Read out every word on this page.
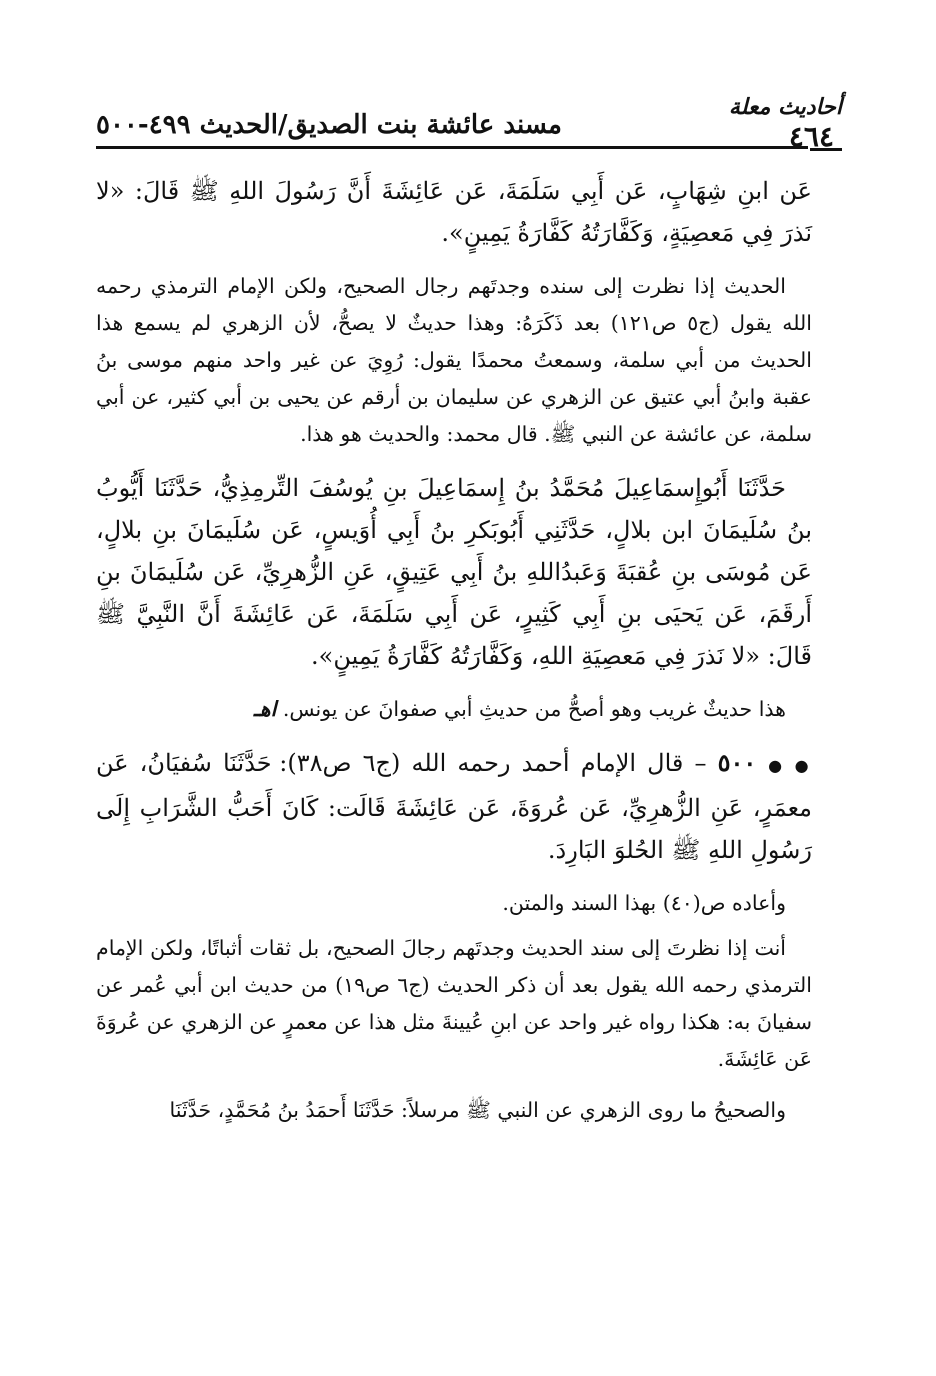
أحاديث معلة
٤٦٤
مسند عائشة بنت الصديق/الحديث ٤٩٩-٥٠٠

عَن ابنِ شِهَابٍ، عَن أَبِي سَلَمَةَ، عَن عَائِشَةَ أَنَّ رَسُولَ اللهِ ﷺ قَالَ: «لا نَذرَ فِي مَعصِيَةٍ، وَكَفَّارَتُهُ كَفَّارَةُ يَمِينٍ».

الحديث إذا نظرت إلى سنده وجدتَهم رجال الصحيح، ولكن الإمام الترمذي رحمه الله يقول (ج٥ ص١٢١) بعد ذَكَرَهُ: وهذا حديثٌ لا يصحُّ، لأن الزهري لم يسمع هذا الحديث من أبي سلمة، وسمعتُ محمدًا يقول: رُوِيَ عن غير واحد منهم موسى بنُ عقبة وابنُ أبي عتيق عن الزهري عن سليمان بن أرقم عن يحيى بن أبي كثير، عن أبي سلمة، عن عائشة عن النبي ﷺ. قال محمد: والحديث هو هذا.

حَدَّثَنَا أَبُوإِسمَاعِيلَ مُحَمَّدُ بنُ إِسمَاعِيلَ بنِ يُوسُفَ التِّرمِذِيُّ، حَدَّثَنَا أَيُّوبُ بنُ سُلَيمَانَ ابن بلالٍ، حَدَّثَنِي أَبُوبَكرِ بنُ أَبِي أُوَيسٍ، عَن سُلَيمَانَ بنِ بلالٍ، عَن مُوسَى بنِ عُقبَةَ وَعَبدُاللهِ بنُ أَبِي عَتِيقٍ، عَنِ الزُّهرِيِّ، عَن سُلَيمَانَ بنِ أَرقَمَ، عَن يَحيَى بنِ أَبِي كَثِيرٍ، عَن أَبِي سَلَمَةَ، عَن عَائِشَةَ أَنَّ النَّبِيَّ ﷺ قَالَ: «لا نَذرَ فِي مَعصِيَةِ اللهِ، وَكَفَّارَتُهُ كَفَّارَةُ يَمِينٍ».

هذا حديثٌ غريب وهو أصحُّ من حديثِ أبي صفوانَ عن يونس. اهـ

● ● ٥٠٠ – قال الإمام أحمد رحمه الله (ج٦ ص٣٨): حَدَّثَنَا سُفيَانُ، عَن معمَرٍ، عَنِ الزُّهرِيِّ، عَن عُروَةَ، عَن عَائِشَةَ قَالَت: كَانَ أَحَبُّ الشَّرَابِ إِلَى رَسُولِ اللهِ ﷺ الحُلوَ البَارِدَ.

وأعاده ص(٤٠) بهذا السند والمتن.

أنت إذا نظرتَ إلى سند الحديث وجدتَهم رجالَ الصحيح، بل ثقات أثباتًا، ولكن الإمام الترمذي رحمه الله يقول بعد أن ذكر الحديث (ج٦ ص١٩) من حديث ابن أبي عُمر عن سفيانَ به: هكذا رواه غير واحد عن ابنِ عُيينةَ مثل هذا عن معمرٍ عن الزهري عن عُروَةَ عَن عَائِشَةَ.

والصحيحُ ما روى الزهري عن النبي ﷺ مرسلاً: حَدَّثَنَا أَحمَدُ بنُ مُحَمَّدٍ، حَدَّثَنَا
